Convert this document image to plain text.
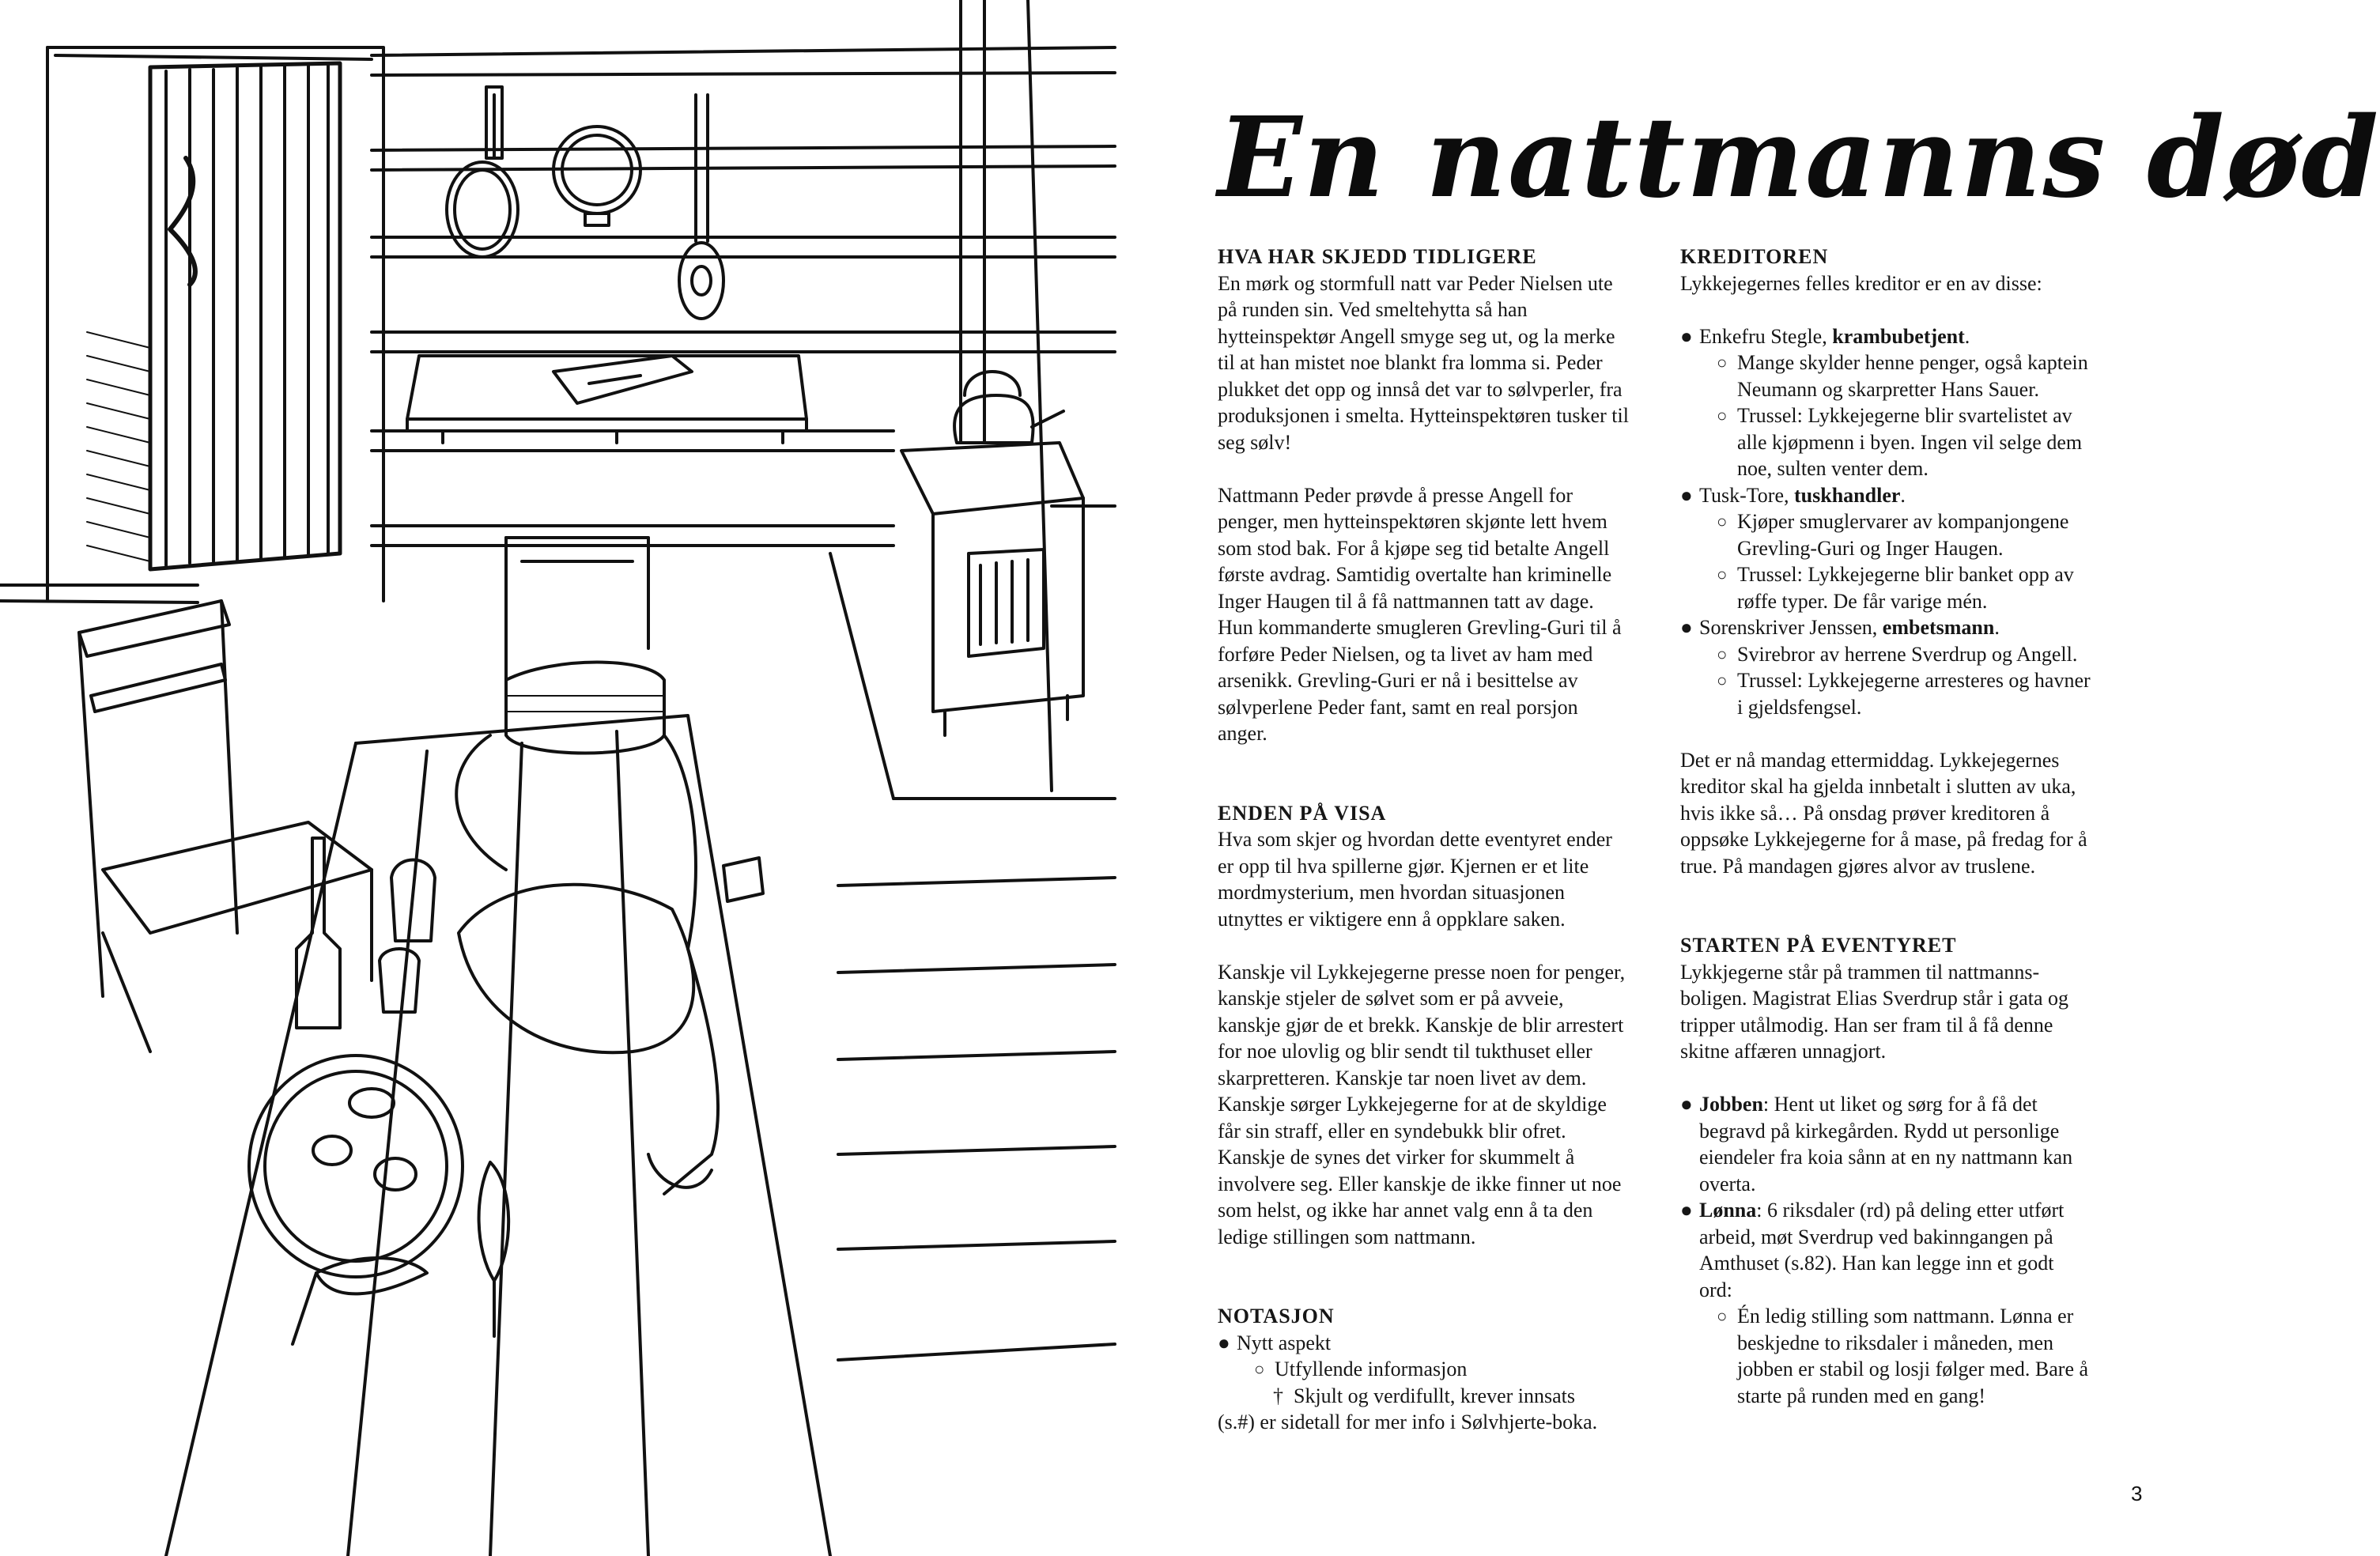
En nattmanns død
HVA HAR SKJEDD TIDLIGERE

En mørk og stormfull natt var Peder Nielsen ute på runden sin. Ved smeltehytta så han hytteinspektør Angell smyge seg ut, og la merke til at han mistet noe blankt fra lomma si. Peder plukket det opp og innså det var to sølvperler, fra produksjonen i smelta. Hytteinspektøren tusker til seg sølv!

Nattmann Peder prøvde å presse Angell for penger, men hytteinspektøren skjønte lett hvem som stod bak. For å kjøpe seg tid betalte Angell første avdrag. Samtidig overtalte han kriminelle Inger Haugen til å få nattmannen tatt av dage. Hun kommanderte smugleren Grevling-Guri til å forføre Peder Nielsen, og ta livet av ham med arsenikk. Grevling-Guri er nå i besittelse av sølvperlene Peder fant, samt en real porsjon anger.

ENDEN PÅ VISA

Hva som skjer og hvordan dette eventyret ender er opp til hva spillerne gjør. Kjernen er et lite mordmysterium, men hvordan situasjonen utnyttes er viktigere enn å oppklare saken.

Kanskje vil Lykkejegerne presse noen for penger, kanskje stjeler de sølvet som er på avveie, kanskje gjør de et brekk. Kanskje de blir arrestert for noe ulovlig og blir sendt til tukthuset eller skarpretteren. Kanskje tar noen livet av dem. Kanskje sørger Lykkejegerne for at de skyldige får sin straff, eller en syndebukk blir ofret. Kanskje de synes det virker for skummelt å involvere seg. Eller kanskje de ikke finner ut noe som helst, og ikke har annet valg enn å ta den ledige stillingen som nattmann.

NOTASJON
● Nytt aspekt
○ Utfyllende informasjon
† Skjult og verdifullt, krever innsats

(s.#) er sidetall for mer info i Sølvhjerte-boka.

KREDITOREN

Lykkejegernes felles kreditor er en av disse:

● Enkefru Stegle, krambubetjent.
○ Mange skylder henne penger, også kaptein Neumann og skarpretter Hans Sauer.
○ Trussel: Lykkejegerne blir svartelistet av alle kjøpmenn i byen. Ingen vil selge dem noe, sulten venter dem.
● Tusk-Tore, tuskhandler.
○ Kjøper smuglervarer av kompanjongene Grevling-Guri og Inger Haugen.
○ Trussel: Lykkejegerne blir banket opp av røffe typer. De får varige mén.
● Sorenskriver Jenssen, embetsmann.
○ Svirebror av herrene Sverdrup og Angell.
○ Trussel: Lykkejegerne arresteres og havner i gjeldsfengsel.

Det er nå mandag ettermiddag. Lykkejegernes kreditor skal ha gjelda innbetalt i slutten av uka, hvis ikke så… På onsdag prøver kreditoren å oppsøke Lykkejegerne for å mase, på fredag for å true. På mandagen gjøres alvor av truslene.

STARTEN PÅ EVENTYRET

Lykkjegerne står på trammen til nattmanns-boligen. Magistrat Elias Sverdrup står i gata og tripper utålmodig. Han ser fram til å få denne skitne affæren unnagjort.

● Jobben: Hent ut liket og sørg for å få det begravd på kirkegården. Rydd ut personlige eiendeler fra koia sånn at en ny nattmann kan overta.
● Lønna: 6 riksdaler (rd) på deling etter utført arbeid, møt Sverdrup ved bakinngangen på Amthuset (s.82). Han kan legge inn et godt ord:
○ Én ledig stilling som nattmann. Lønna er beskjedne to riksdaler i måneden, men jobben er stabil og losji følger med. Bare å starte på runden med en gang!
3
